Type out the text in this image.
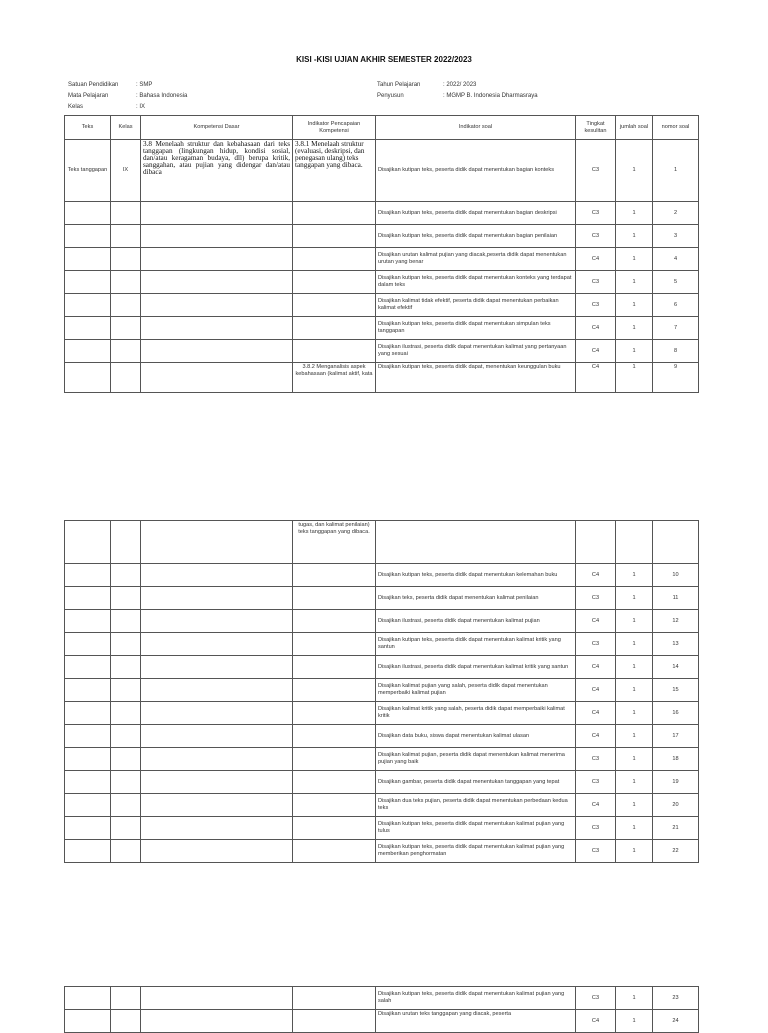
KISI -KISI UJIAN AKHIR SEMESTER 2022/2023
Satuan Pendidikan	: SMP
Mata Pelajaran	: Bahasa Indonesia
Kelas	: IX
Tahun Pelajaran	: 2022/ 2023
Penyusun	: MGMP B. Indonesia Dharmasraya
Teks	Kelas	Kompetensi Dasar	Indikator Pencapaian Kompetensi	Indikator soal	Tingkat kesulitan	jumlah soal	nomor soal
Teks tanggapan	IX	3.8 Menelaah struktur dan kebahasaan dari teks tanggapan (lingkungan hidup, kondisi sosial, dan/atau keragaman budaya, dll) berupa kritik, sanggahan, atau pujian yang didengar dan/atau dibaca	3.8.1 Menelaah struktur (evaluasi, deskripsi, dan penegasan ulang) teks tanggapan yang dibaca.	Disajikan kutipan teks, peserta didik dapat menentukan bagian konteks	C3	1	1
				Disajikan kutipan teks, peserta didik dapat menentukan bagian deskripsi	C3	1	2
				Disajikan kutipan teks, peserta didik dapat menentukan bagian penilaian	C3	1	3
				Disajikan urutan kalimat pujian yang diacak,peserta didik dapat menentukan urutan yang benar	C4	1	4
				Disajikan kutipan teks, peserta didik dapat menentukan konteks yang terdapat dalam teks	C3	1	5
				Disajikan kalimat tidak efektif, peserta didik dapat menentukan perbaikan kalimat efektif	C3	1	6
				Disajikan kutipan teks, peserta didik dapat menentukan simpulan teks tanggapan	C4	1	7
				Disajikan ilustrasi, peserta didik dapat menentukan kalimat yang pertanyaan yang sesuai	C4	1	8
			3.8.2 Menganalisis aspek kebahasaan (kalimat aktif, kata	Disajikan kutipan teks, peserta didik dapat, menentukan keunggulan buku	C4	1	9
			tugas, dan kalimat penilaian) teks tanggapan yang dibaca.				
				Disajikan kutipan teks, peserta didik dapat menentukan kelemahan buku	C4	1	10
				Disajikan teks, peserta didik dapat menentukan kalimat penilaian	C3	1	11
				Disajikan ilustrasi, peserta didik dapat menentukan kalimat pujian	C4	1	12
				Disajikan kutipan teks, peserta didik dapat menentukan kalimat kritik yang santun	C3	1	13
				Disajikan ilustrasi, peserta didik dapat menentukan kalimat kritik yang santun	C4	1	14
				Disajikan kalimat pujian yang salah, peserta didik dapat menentukan memperbaiki kalimat pujian	C4	1	15
				Disajikan kalimat kritik yang salah, peserta didik dapat memperbaiki kalimat kritik	C4	1	16
				Disajikan data buku, siswa dapat menentukan kalimat ulasan	C4	1	17
				Disajikan kalimat pujian, peserta didik dapat menentukan kalimat menerima pujian yang baik	C3	1	18
				Disajikan gambar, peserta didik dapat menentukan tanggapan yang tepat	C3	1	19
				Disajikan dua teks pujian, peserta didik dapat menentukan perbedaan kedua teks	C4	1	20
				Disajikan kutipan teks, peserta didik dapat menentukan kalimat pujian yang tulus	C3	1	21
				Disajikan kutipan teks, peserta didik dapat menentukan kalimat pujian yang memberikan penghormatan	C3	1	22
				Disajikan kutipan teks, peserta didik dapat menentukan kalimat pujian yang salah	C3	1	23
				Disajikan urutan teks tanggapan yang diacak, peserta	C4	1	24
